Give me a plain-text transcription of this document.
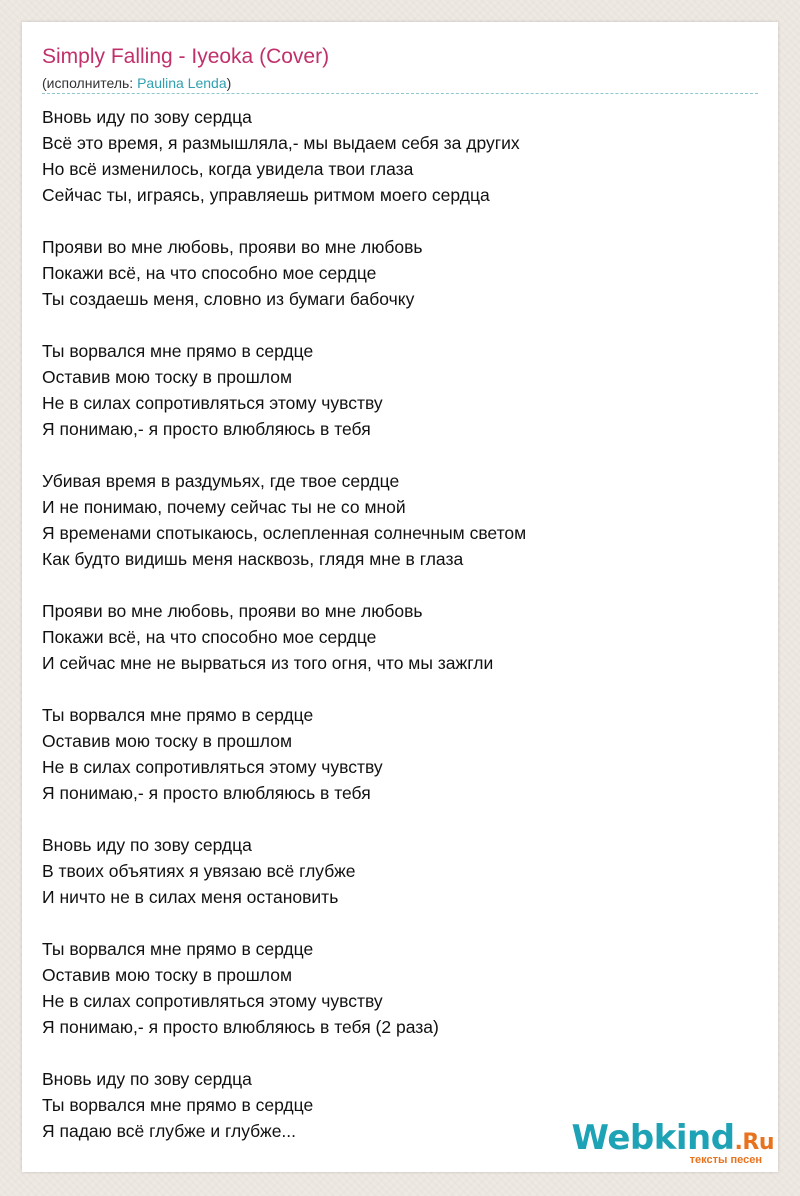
Simply Falling - Iyeoka (Cover)
(исполнитель: Paulina Lenda)
Вновь иду по зову сердца
Всё это время, я размышляла,- мы выдаем себя за других
Но всё изменилось, когда увидела твои глаза
Сейчас ты, играясь, управляешь ритмом моего сердца
Прояви во мне любовь, прояви во мне любовь
Покажи всё, на что способно мое сердце
Ты создаешь меня, словно из бумаги бабочку
Ты ворвался мне прямо в сердце
Оставив мою тоску в прошлом
Не в силах сопротивляться этому чувству
Я понимаю,- я просто влюбляюсь в тебя
Убивая время в раздумьях, где твое сердце
И не понимаю, почему сейчас ты не со мной
Я временами спотыкаюсь, ослепленная солнечным светом
Как будто видишь меня насквозь, глядя мне в глаза
Прояви во мне любовь, прояви во мне любовь
Покажи всё, на что способно мое сердце
И сейчас мне не вырваться из того огня, что мы зажгли
Ты ворвался мне прямо в сердце
Оставив мою тоску в прошлом
Не в силах сопротивляться этому чувству
Я понимаю,- я просто влюбляюсь в тебя
Вновь иду по зову сердца
В твоих объятиях я увязаю всё глубже
И ничто не в силах меня остановить
Ты ворвался мне прямо в сердце
Оставив мою тоску в прошлом
Не в силах сопротивляться этому чувству
Я понимаю,- я просто влюбляюсь в тебя (2 раза)
Вновь иду по зову сердца
Ты ворвался мне прямо в сердце
Я падаю всё глубже и глубже...	Webkind.Ru
тексты песен
